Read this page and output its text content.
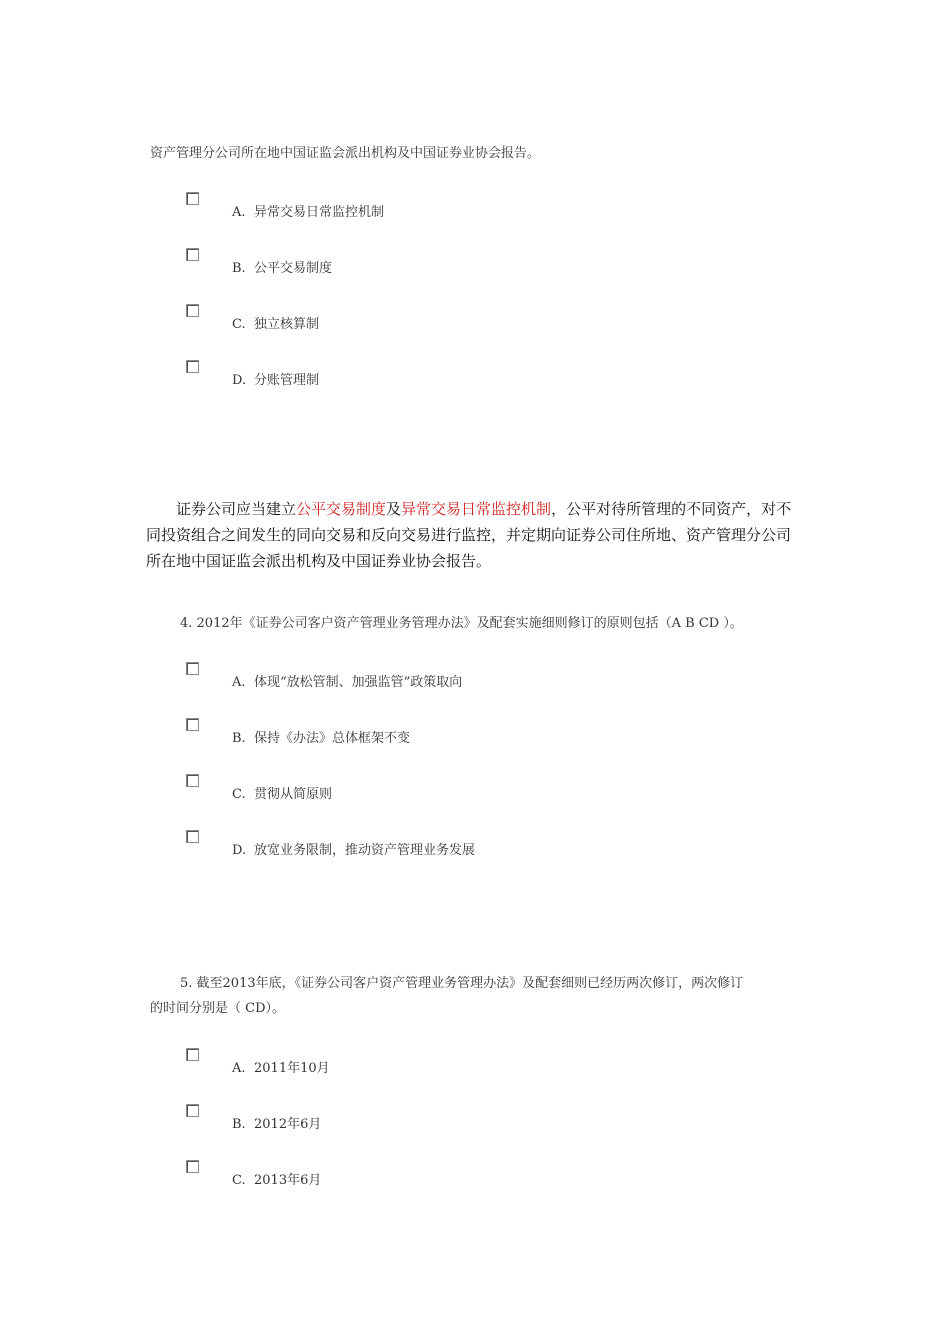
资产管理分公司所在地中国证监会派出机构及中国证券业协会报告。
A. 异常交易日常监控机制
B. 公平交易制度
C. 独立核算制
D. 分账管理制

证券公司应当建立公平交易制度及异常交易日常监控机制，公平对待所管理的不同资产，对不同投资组合之间发生的同向交易和反向交易进行监控，并定期向证券公司住所地、资产管理分公司所在地中国证监会派出机构及中国证券业协会报告。

4. 2012年《证券公司客户资产管理业务管理办法》及配套实施细则修订的原则包括（A B CD ）。
A. 体现“放松管制、加强监管”政策取向
B. 保持《办法》总体框架不变
C. 贯彻从简原则
D. 放宽业务限制，推动资产管理业务发展
5. 截至2013年底，《证券公司客户资产管理业务管理办法》及配套细则已经历两次修订，两次修订
的时间分别是（ CD）。
A. 2011年10月
B. 2012年6月
C. 2013年6月
